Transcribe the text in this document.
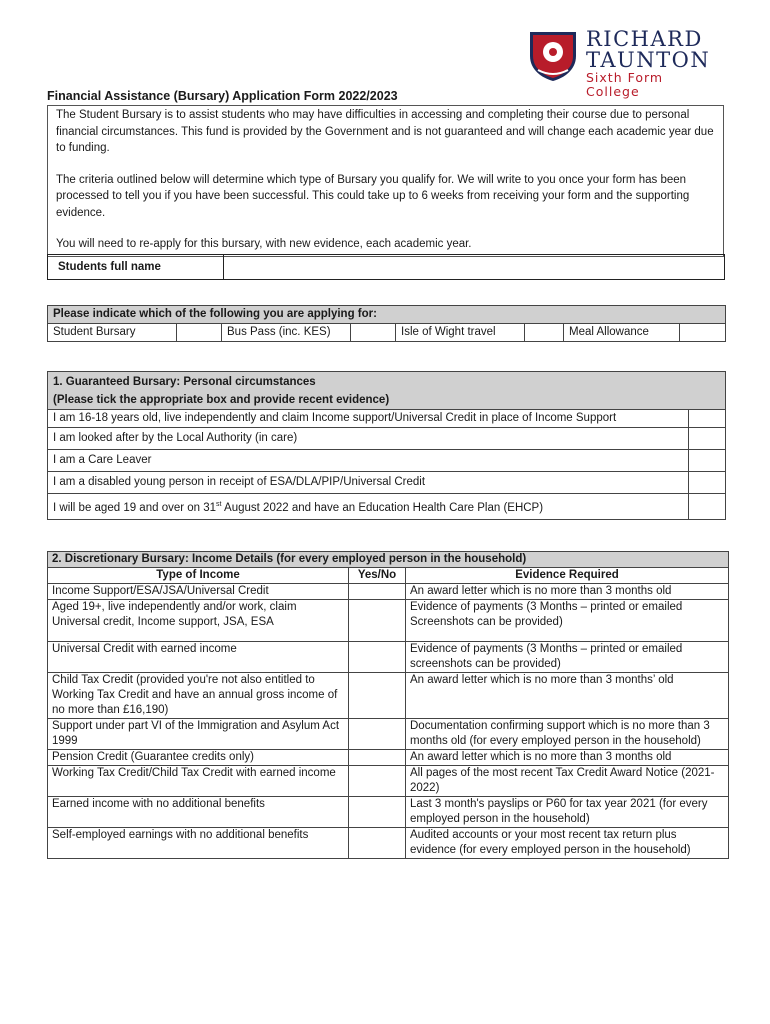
RICHARD
TAUNTON
Sixth Form College
Financial Assistance (Bursary) Application Form 2022/2023

The Student Bursary is to assist students who may have difficulties in accessing and completing their course due to personal financial circumstances. This fund is provided by the Government and is not guaranteed and will change each academic year due to funding.

The criteria outlined below will determine which type of Bursary you qualify for. We will write to you once your form has been processed to tell you if you have been successful. This could take up to 6 weeks from receiving your form and the supporting evidence.

You will need to re-apply for this bursary, with new evidence, each academic year.

Students full name	
Please indicate which of the following you are applying for:
Student Bursary		Bus Pass (inc. KES)		Isle of Wight travel		Meal Allowance	
1. Guaranteed Bursary: Personal circumstances
(Please tick the appropriate box and provide recent evidence)	

I am 16-18 years old, live independently and claim Income support/Universal Credit in place of Income Support	
I am looked after by the Local Authority (in care)	
I am a Care Leaver	
I am a disabled young person in receipt of ESA/DLA/PIP/Universal Credit	
I will be aged 19 and over on 31st August 2022 and have an Education Health Care Plan (EHCP)	
2. Discretionary Bursary: Income Details (for every employed person in the household)		
Type of Income	Yes/No	Evidence Required
Income Support/ESA/JSA/Universal Credit		An award letter which is no more than 3 months old
Aged 19+, live independently and/or work, claim Universal credit, Income support, JSA, ESA		Evidence of payments (3 Months – printed or emailed Screenshots can be provided)
Universal Credit with earned income		Evidence of payments (3 Months – printed or emailed screenshots can be provided)
Child Tax Credit (provided you're not also entitled to Working Tax Credit and have an annual gross income of no more than £16,190)		An award letter which is no more than 3 months’ old
Support under part VI of the Immigration and Asylum Act 1999		Documentation confirming support which is no more than 3 months old (for every employed person in the household)
Pension Credit (Guarantee credits only)		An award letter which is no more than 3 months old
Working Tax Credit/Child Tax Credit with earned income		All pages of the most recent Tax Credit Award Notice (2021-2022)
Earned income with no additional benefits		Last 3 month's payslips or P60 for tax year 2021 (for every employed person in the household)
Self-employed earnings with no additional benefits		Audited accounts or your most recent tax return plus evidence (for every employed person in the household)
